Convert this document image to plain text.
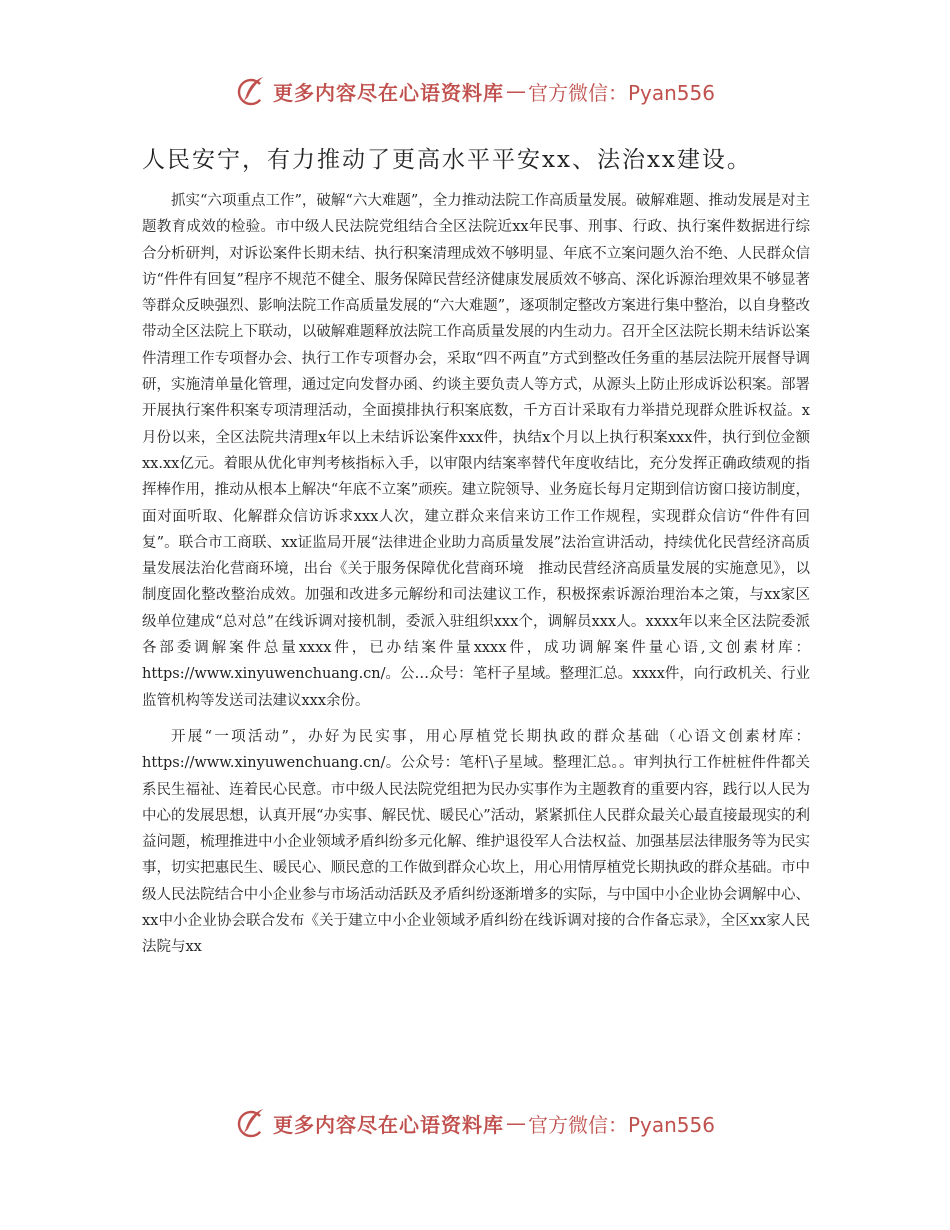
更多内容尽在心语资料库 — 官方微信：Pyan556

人民安宁，有力推动了更高水平平安xx、法治xx建设。

抓实“六项重点工作”，破解“六大难题”，全力推动法院工作高质量发展。破解难题、推动发展是对主题教育成效的检验。市中级人民法院党组结合全区法院近xx年民事、刑事、行政、执行案件数据进行综合分析研判，对诉讼案件长期未结、执行积案清理成效不够明显、年底不立案问题久治不绝、人民群众信访“件件有回复”程序不规范不健全、服务保障民营经济健康发展质效不够高、深化诉源治理效果不够显著等群众反映强烈、影响法院工作高质量发展的“六大难题”，逐项制定整改方案进行集中整治，以自身整改带动全区法院上下联动，以破解难题释放法院工作高质量发展的内生动力。召开全区法院长期未结诉讼案件清理工作专项督办会、执行工作专项督办会，采取“四不两直”方式到整改任务重的基层法院开展督导调研，实施清单量化管理，通过定向发督办函、约谈主要负责人等方式，从源头上防止形成诉讼积案。部署开展执行案件积案专项清理活动，全面摸排执行积案底数，千方百计采取有力举措兑现群众胜诉权益。x月份以来，全区法院共清理x年以上未结诉讼案件xxx件，执结x个月以上执行积案xxx件，执行到位金额xx.xx亿元。着眼从优化审判考核指标入手，以审限内结案率替代年度收结比，充分发挥正确政绩观的指挥棒作用，推动从根本上解决“年底不立案”顽疾。建立院领导、业务庭长每月定期到信访窗口接访制度，面对面听取、化解群众信访诉求xxx人次，建立群众来信来访工作工作规程，实现群众信访“件件有回复”。联合市工商联、xx证监局开展“法律进企业助力高质量发展”法治宣讲活动，持续优化民营经济高质量发展法治化营商环境，出台《关于服务保障优化营商环境　推动民营经济高质量发展的实施意见》，以制度固化整改整治成效。加强和改进多元解纷和司法建议工作，积极探索诉源治理治本之策，与xx家区级单位建成“总对总”在线诉调对接机制，委派入驻组织xxx个，调解员xxx人。xxxx年以来全区法院委派各部委调解案件总量xxxx件，已办结案件量xxxx件，成功调解案件量心语,文创素材库：https://www.xinyuwenchuang.cn/。公…众号：笔杆子星域。整理汇总。xxxx件，向行政机关、行业监管机构等发送司法建议xxx余份。

开展“一项活动”，办好为民实事，用心厚植党长期执政的群众基础（心语文创素材库：https://www.xinyuwenchuang.cn/。公众号：笔杆\子星域。整理汇总。。审判执行工作桩桩件件都关系民生福祉、连着民心民意。市中级人民法院党组把为民办实事作为主题教育的重要内容，践行以人民为中心的发展思想，认真开展“办实事、解民忧、暖民心”活动，紧紧抓住人民群众最关心最直接最现实的利益问题，梳理推进中小企业领域矛盾纠纷多元化解、维护退役军人合法权益、加强基层法律服务等为民实事，切实把惠民生、暖民心、顺民意的工作做到群众心坎上，用心用情厚植党长期执政的群众基础。市中级人民法院结合中小企业参与市场活动活跃及矛盾纠纷逐渐增多的实际，与中国中小企业协会调解中心、xx中小企业协会联合发布《关于建立中小企业领域矛盾纠纷在线诉调对接的合作备忘录》，全区xx家人民法院与xx

更多内容尽在心语资料库 — 官方微信：Pyan556
